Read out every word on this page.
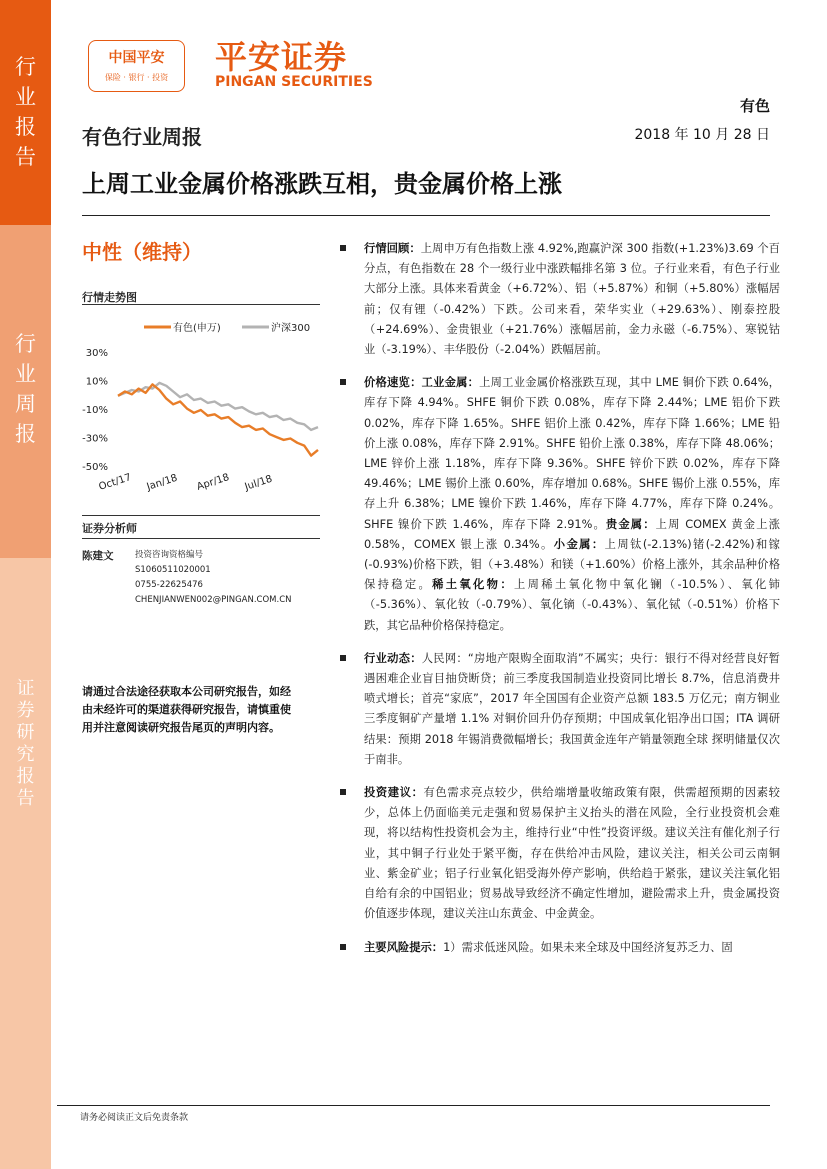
行业报告
行业周报
证券研究报告
中国平安
保险 · 银行 · 投资
平安证券
PINGAN SECURITIES
有色
2018 年 10 月 28 日
有色行业周报
上周工业金属价格涨跌互相，贵金属价格上涨
中性（维持）
行情走势图
有色(申万)	沪深300
30%
10%
-10%
-30%
-50%
Oct/17 Jan/18 Apr/18 Jul/18
证券分析师
陈建文	投资咨询资格编号
S1060511020001
0755-22625476
CHENJIANWEN002@PINGAN.COM.CN
请通过合法途径获取本公司研究报告，如经由未经许可的渠道获得研究报告，请慎重使用并注意阅读研究报告尾页的声明内容。
行情回顾：上周申万有色指数上涨 4.92%,跑赢沪深 300 指数(+1.23%)3.69 个百分点，有色指数在 28 个一级行业中涨跌幅排名第 3 位。子行业来看，有色子行业大部分上涨。具体来看黄金（+6.72%）、铝（+5.87%）和铜（+5.80%）涨幅居前；仅有锂（-0.42%）下跌。公司来看，荣华实业（+29.63%）、刚泰控股（+24.69%）、金贵银业（+21.76%）涨幅居前，金力永磁（-6.75%）、寒锐钴业（-3.19%）、丰华股份（-2.04%）跌幅居前。
价格速览：工业金属：上周工业金属价格涨跌互现，其中 LME 铜价下跌 0.64%，库存下降 4.94%。SHFE 铜价下跌 0.08%，库存下降 2.44%；LME 铝价下跌 0.02%，库存下降 1.65%。SHFE 铝价上涨 0.42%，库存下降 1.66%；LME 铅价上涨 0.08%，库存下降 2.91%。SHFE 铅价上涨 0.38%，库存下降 48.06%；LME 锌价上涨 1.18%，库存下降 9.36%。SHFE 锌价下跌 0.02%，库存下降 49.46%；LME 锡价上涨 0.60%，库存增加 0.68%。SHFE 锡价上涨 0.55%，库存上升 6.38%；LME 镍价下跌 1.46%，库存下降 4.77%，库存下降 0.24%。SHFE 镍价下跌 1.46%，库存下降 2.91%。贵金属：上周 COMEX 黄金上涨 0.58%，COMEX 银上涨 0.34%。小金属：上周钛(-2.13%)锗(-2.42%)和镓(-0.93%)价格下跌，钼（+3.48%）和镁（+1.60%）价格上涨外，其余品种价格保持稳定。稀土氧化物：上周稀土氧化物中氧化镧（-10.5%）、氧化铈（-5.36%）、氧化钕（-0.79%）、氧化镝（-0.43%）、氧化铽（-0.51%）价格下跌，其它品种价格保持稳定。
行业动态：人民网：“房地产限购全面取消”不属实；央行：银行不得对经营良好暂遇困难企业盲目抽贷断贷；前三季度我国制造业投资同比增长 8.7%，信息消费井喷式增长；首亮“家底”，2017 年全国国有企业资产总额 183.5 万亿元；南方铜业三季度铜矿产量增 1.1% 对铜价回升仍存预期；中国成氧化铝净出口国；ITA 调研结果：预期 2018 年锡消费微幅增长；我国黄金连年产销量领跑全球 探明储量仅次于南非。
投资建议：有色需求亮点较少，供给端增量收缩政策有限，供需超预期的因素较少，总体上仍面临美元走强和贸易保护主义抬头的潜在风险，全行业投资机会难现，将以结构性投资机会为主，维持行业“中性”投资评级。建议关注有催化剂子行业，其中铜子行业处于紧平衡，存在供给冲击风险，建议关注，相关公司云南铜业、紫金矿业；铝子行业氧化铝受海外停产影响，供给趋于紧张，建议关注氧化铝自给有余的中国铝业；贸易战导致经济不确定性增加，避险需求上升，贵金属投资价值逐步体现，建议关注山东黄金、中金黄金。
主要风险提示：1）需求低迷风险。如果未来全球及中国经济复苏乏力、固
请务必阅读正文后免责条款
